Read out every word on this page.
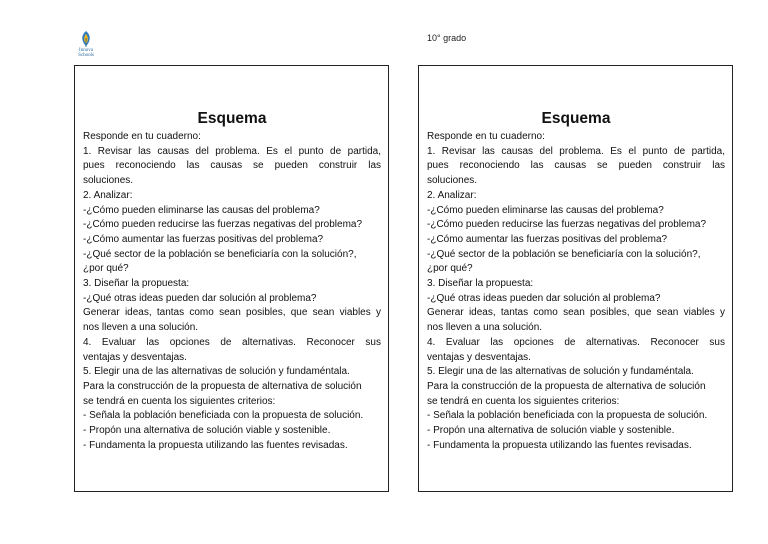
Innova
Schools
10° grado
Esquema
Responde en tu cuaderno:
1. Revisar las causas del problema. Es el punto de partida,
pues reconociendo las causas se pueden construir las
soluciones.
2. Analizar:
-¿Cómo pueden eliminarse las causas del problema?
-¿Cómo pueden reducirse las fuerzas negativas del problema?
-¿Cómo aumentar las fuerzas positivas del problema?
-¿Qué sector de la población se beneficiaría con la solución?,
¿por qué?
3. Diseñar la propuesta:
-¿Qué otras ideas pueden dar solución al problema?
Generar ideas, tantas como sean posibles, que sean viables y
nos lleven a una solución.
4. Evaluar las opciones de alternativas. Reconocer sus
ventajas y desventajas.
5. Elegir una de las alternativas de solución y fundaméntala.
Para la construcción de la propuesta de alternativa de solución
se tendrá en cuenta los siguientes criterios:
- Señala la población beneficiada con la propuesta de solución.
- Propón una alternativa de solución viable y sostenible.
- Fundamenta la propuesta utilizando las fuentes revisadas.
Esquema
Responde en tu cuaderno:
1. Revisar las causas del problema. Es el punto de partida,
pues reconociendo las causas se pueden construir las
soluciones.
2. Analizar:
-¿Cómo pueden eliminarse las causas del problema?
-¿Cómo pueden reducirse las fuerzas negativas del problema?
-¿Cómo aumentar las fuerzas positivas del problema?
-¿Qué sector de la población se beneficiaría con la solución?,
¿por qué?
3. Diseñar la propuesta:
-¿Qué otras ideas pueden dar solución al problema?
Generar ideas, tantas como sean posibles, que sean viables y
nos lleven a una solución.
4. Evaluar las opciones de alternativas. Reconocer sus
ventajas y desventajas.
5. Elegir una de las alternativas de solución y fundaméntala.
Para la construcción de la propuesta de alternativa de solución
se tendrá en cuenta los siguientes criterios:
- Señala la población beneficiada con la propuesta de solución.
- Propón una alternativa de solución viable y sostenible.
- Fundamenta la propuesta utilizando las fuentes revisadas.
